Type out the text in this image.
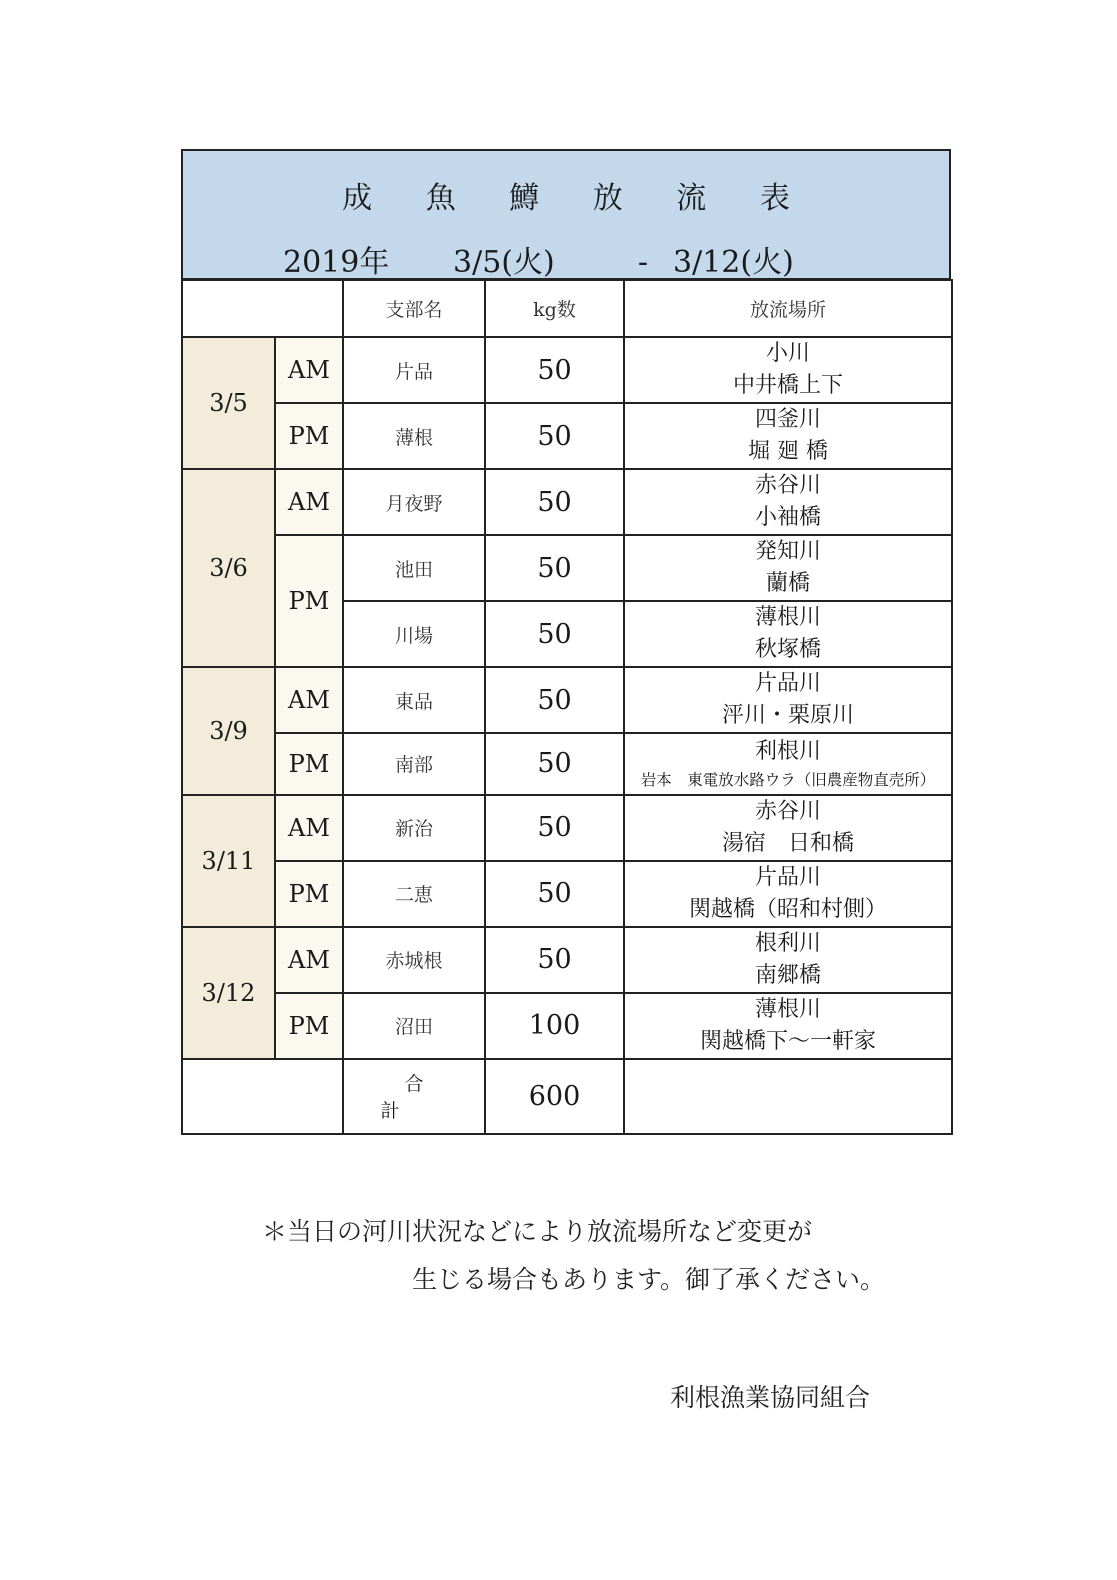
成 魚 鱒 放 流 表
2019年 3/5(火)	- 3/12(火)
		支部名	kg数	放流場所
3/5	AM	片品	50	小川
中井橋上下

	PM	薄根	50	四釜川
堀 廻 橋

3/6	AM	月夜野	50	赤谷川
小袖橋

	PM	池田	50	発知川
蘭橋

		川場	50	薄根川
秋塚橋

3/9	AM	東品	50	片品川
泙川・栗原川

	PM	南部	50	利根川
岩本　東電放水路ウラ（旧農産物直売所）

3/11	AM	新治	50	赤谷川
湯宿　日和橋

	PM	二恵	50	片品川
関越橋（昭和村側）

3/12	AM	赤城根	50	根利川
南郷橋

	PM	沼田	100	薄根川
関越橋下～一軒家

		合計	600	
＊当日の河川状況などにより放流場所など変更が
生じる場合もあります。御了承ください。
利根漁業協同組合
